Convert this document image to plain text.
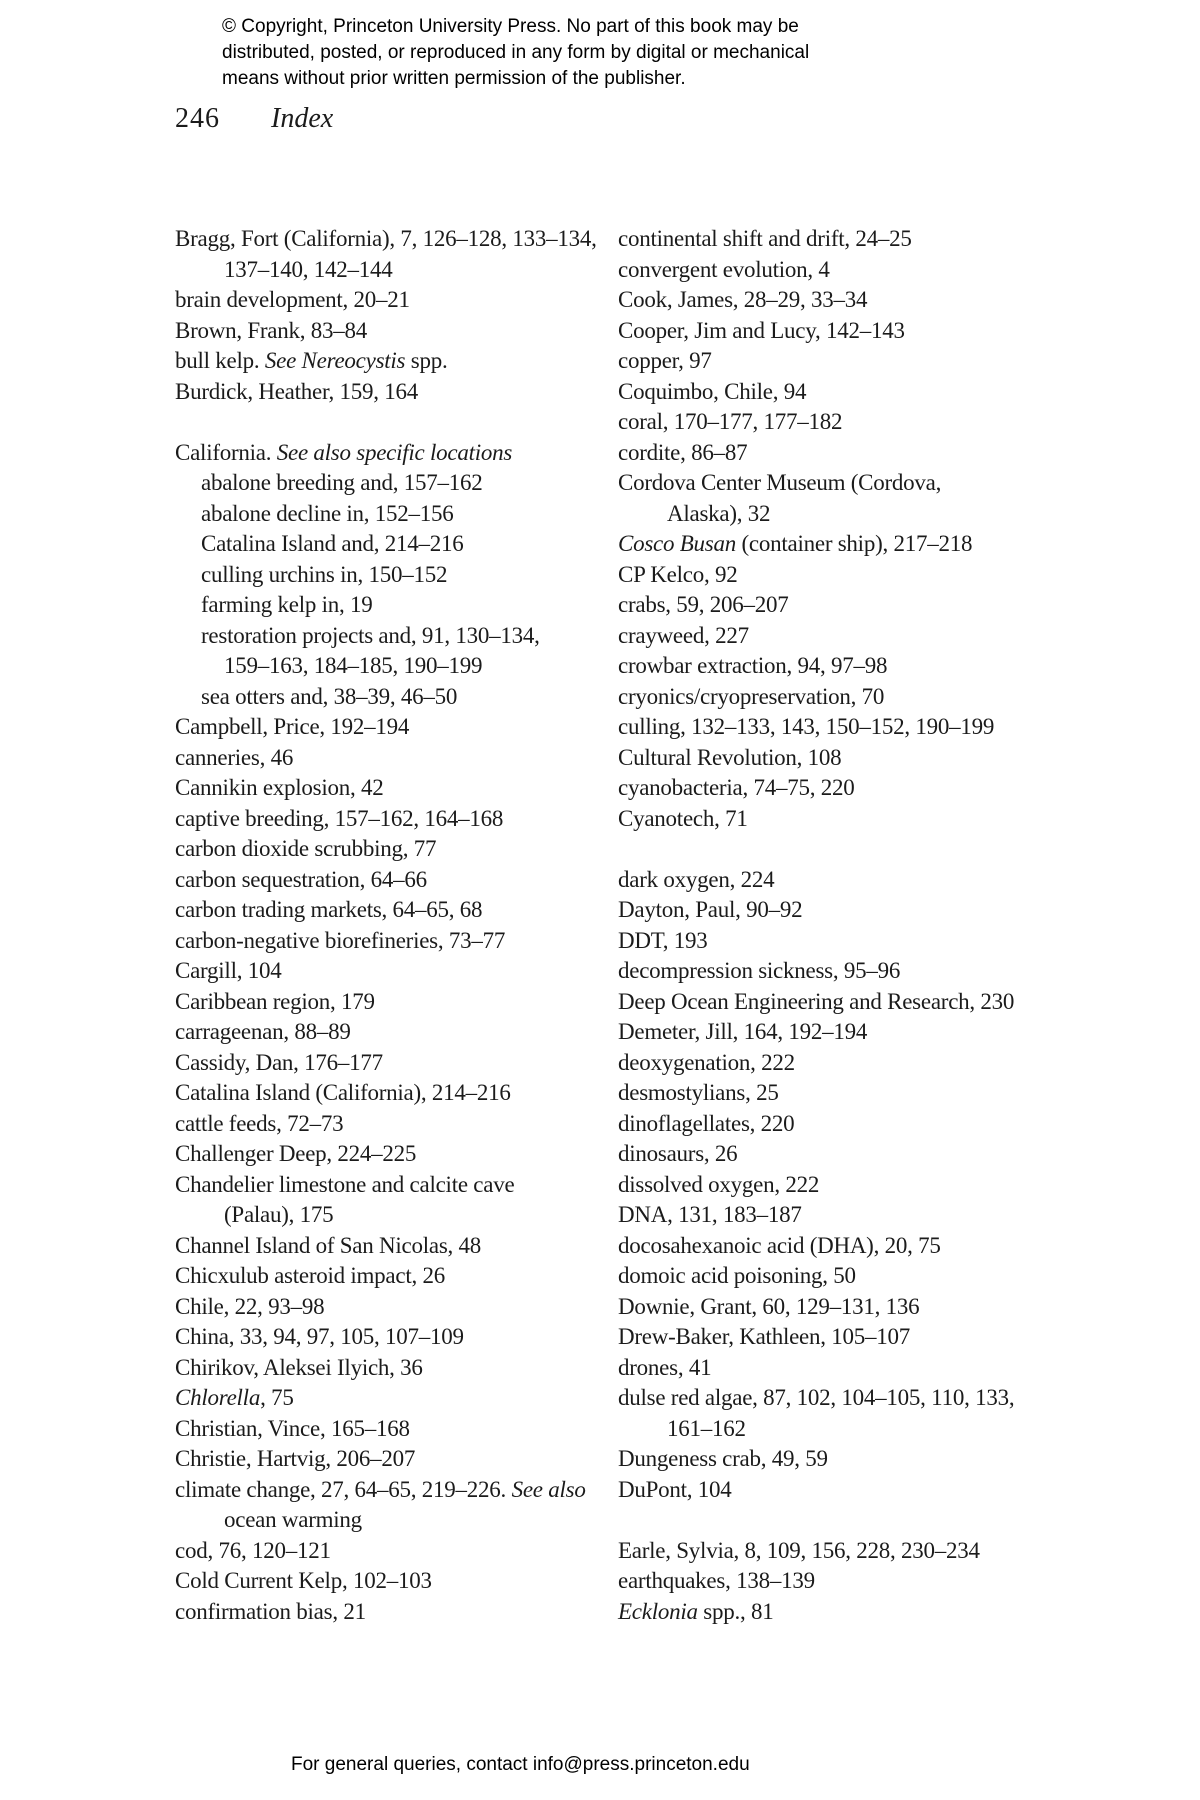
© Copyright, Princeton University Press. No part of this book may be
distributed, posted, or reproduced in any form by digital or mechanical
means without prior written permission of the publisher.
246 Index
Bragg, Fort (California), 7, 126–128, 133–134,
137–140, 142–144
brain development, 20–21
Brown, Frank, 83–84
bull kelp. See Nereocystis spp.
Burdick, Heather, 159, 164
California. See also specific locations
abalone breeding and, 157–162
abalone decline in, 152–156
Catalina Island and, 214–216
culling urchins in, 150–152
farming kelp in, 19
restoration projects and, 91, 130–134,
159–163, 184–185, 190–199
sea otters and, 38–39, 46–50
Campbell, Price, 192–194
canneries, 46
Cannikin explosion, 42
captive breeding, 157–162, 164–168
carbon dioxide scrubbing, 77
carbon sequestration, 64–66
carbon trading markets, 64–65, 68
carbon-negative biorefineries, 73–77
Cargill, 104
Caribbean region, 179
carrageenan, 88–89
Cassidy, Dan, 176–177
Catalina Island (California), 214–216
cattle feeds, 72–73
Challenger Deep, 224–225
Chandelier limestone and calcite cave
(Palau), 175
Channel Island of San Nicolas, 48
Chicxulub asteroid impact, 26
Chile, 22, 93–98
China, 33, 94, 97, 105, 107–109
Chirikov, Aleksei Ilyich, 36
Chlorella, 75
Christian, Vince, 165–168
Christie, Hartvig, 206–207
climate change, 27, 64–65, 219–226. See also
ocean warming
cod, 76, 120–121
Cold Current Kelp, 102–103
confirmation bias, 21
continental shift and drift, 24–25
convergent evolution, 4
Cook, James, 28–29, 33–34
Cooper, Jim and Lucy, 142–143
copper, 97
Coquimbo, Chile, 94
coral, 170–177, 177–182
cordite, 86–87
Cordova Center Museum (Cordova,
Alaska), 32
Cosco Busan (container ship), 217–218
CP Kelco, 92
crabs, 59, 206–207
crayweed, 227
crowbar extraction, 94, 97–98
cryonics/cryopreservation, 70
culling, 132–133, 143, 150–152, 190–199
Cultural Revolution, 108
cyanobacteria, 74–75, 220
Cyanotech, 71
dark oxygen, 224
Dayton, Paul, 90–92
DDT, 193
decompression sickness, 95–96
Deep Ocean Engineering and Research, 230
Demeter, Jill, 164, 192–194
deoxygenation, 222
desmostylians, 25
dinoflagellates, 220
dinosaurs, 26
dissolved oxygen, 222
DNA, 131, 183–187
docosahexanoic acid (DHA), 20, 75
domoic acid poisoning, 50
Downie, Grant, 60, 129–131, 136
Drew-Baker, Kathleen, 105–107
drones, 41
dulse red algae, 87, 102, 104–105, 110, 133,
161–162
Dungeness crab, 49, 59
DuPont, 104
Earle, Sylvia, 8, 109, 156, 228, 230–234
earthquakes, 138–139
Ecklonia spp., 81
For general queries, contact info@press.princeton.edu
